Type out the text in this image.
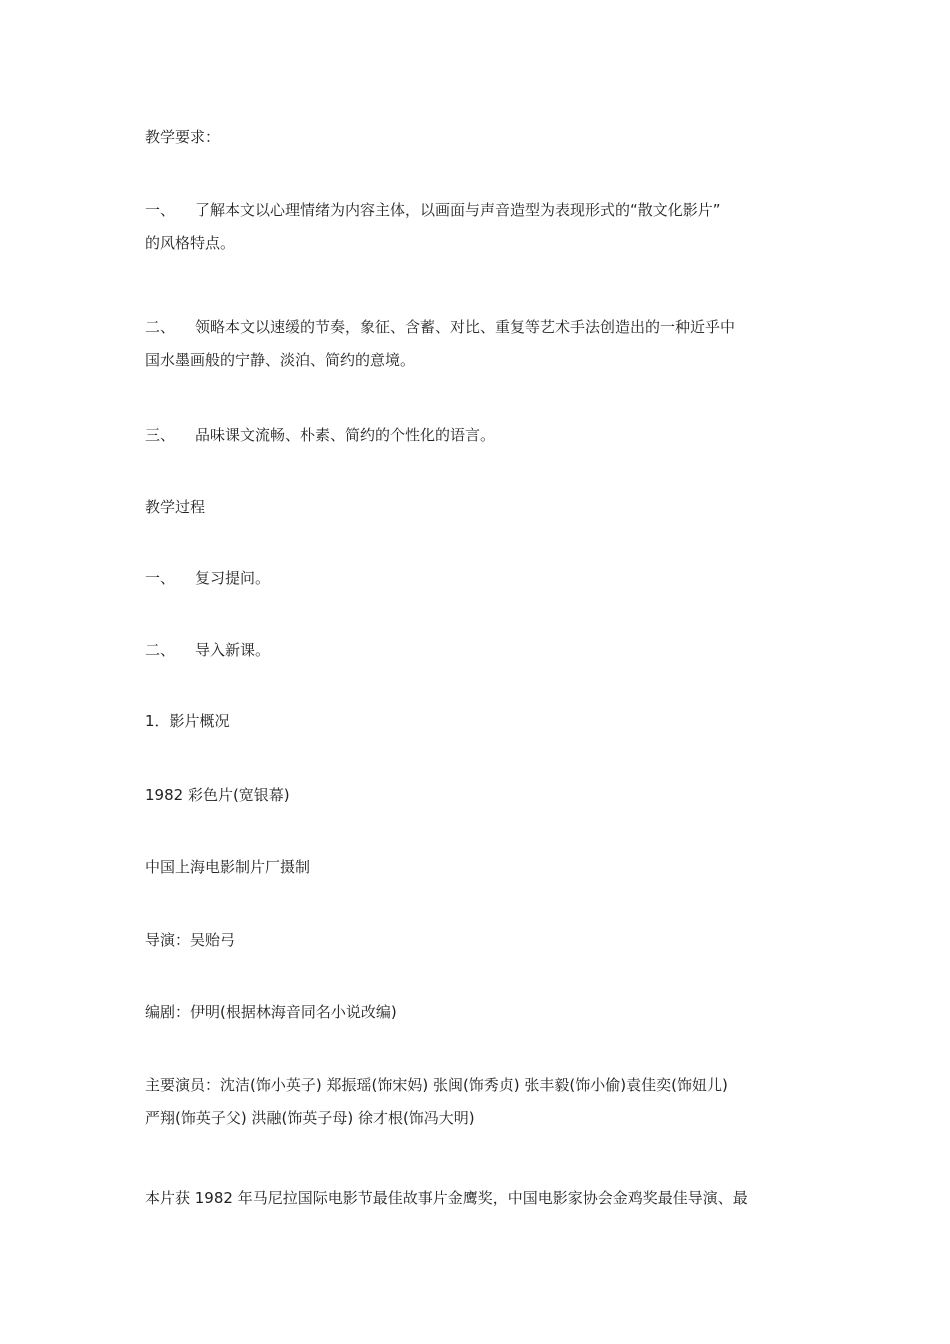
教学要求：

一、 了解本文以心理情绪为内容主体，以画面与声音造型为表现形式的“散文化影片”
的风格特点。
二、 领略本文以速缓的节奏，象征、含蓄、对比、重复等艺术手法创造出的一种近乎中
国水墨画般的宁静、淡泊、简约的意境。
三、 品味课文流畅、朴素、简约的个性化的语言。

教学过程

一、 复习提问。
二、 导入新课。

1．影片概况

1982 彩色片(宽银幕)

中国上海电影制片厂摄制

导演：吴贻弓

编剧：伊明(根据林海音同名小说改编)

主要演员：沈洁(饰小英子) 郑振瑶(饰宋妈) 张闽(饰秀贞) 张丰毅(饰小偷)袁佳奕(饰妞儿)
严翔(饰英子父) 洪融(饰英子母) 徐才根(饰冯大明)

本片获 1982 年马尼拉国际电影节最佳故事片金鹰奖，中国电影家协会金鸡奖最佳导演、最
